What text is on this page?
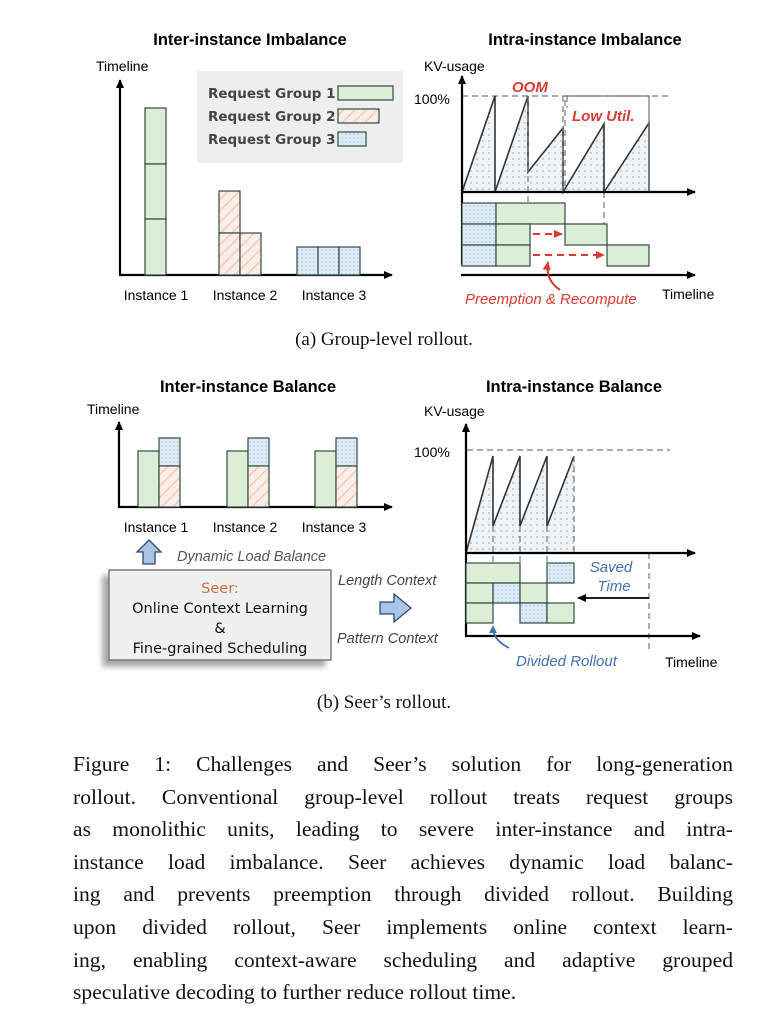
Inter-instance Imbalance
Timeline
Request Group 1
Request Group 2
Request Group 3
Instance 1 Instance 2 Instance 3
Intra-instance Imbalance
KV-usage
100%
OOM
Low Util.
Preemption & Recompute Timeline
Inter-instance Balance
Timeline
Instance 1 Instance 2 Instance 3
Dynamic Load Balance
Seer:
Online Context Learning
&
Fine-grained Scheduling
Length Context
Pattern Context
Intra-instance Balance
KV-usage
100%
Saved
Time
Divided Rollout	Timeline
(a) Group-level rollout.
(b) Seer’s rollout.
Figure 1: Challenges and Seer’s solution for long-generation
rollout. Conventional group-level rollout treats request groups
as monolithic units, leading to severe inter-instance and intra-
instance load imbalance. Seer achieves dynamic load balanc-
ing and prevents preemption through divided rollout. Building
upon divided rollout, Seer implements online context learn-
ing, enabling context-aware scheduling and adaptive grouped
speculative decoding to further reduce rollout time.
